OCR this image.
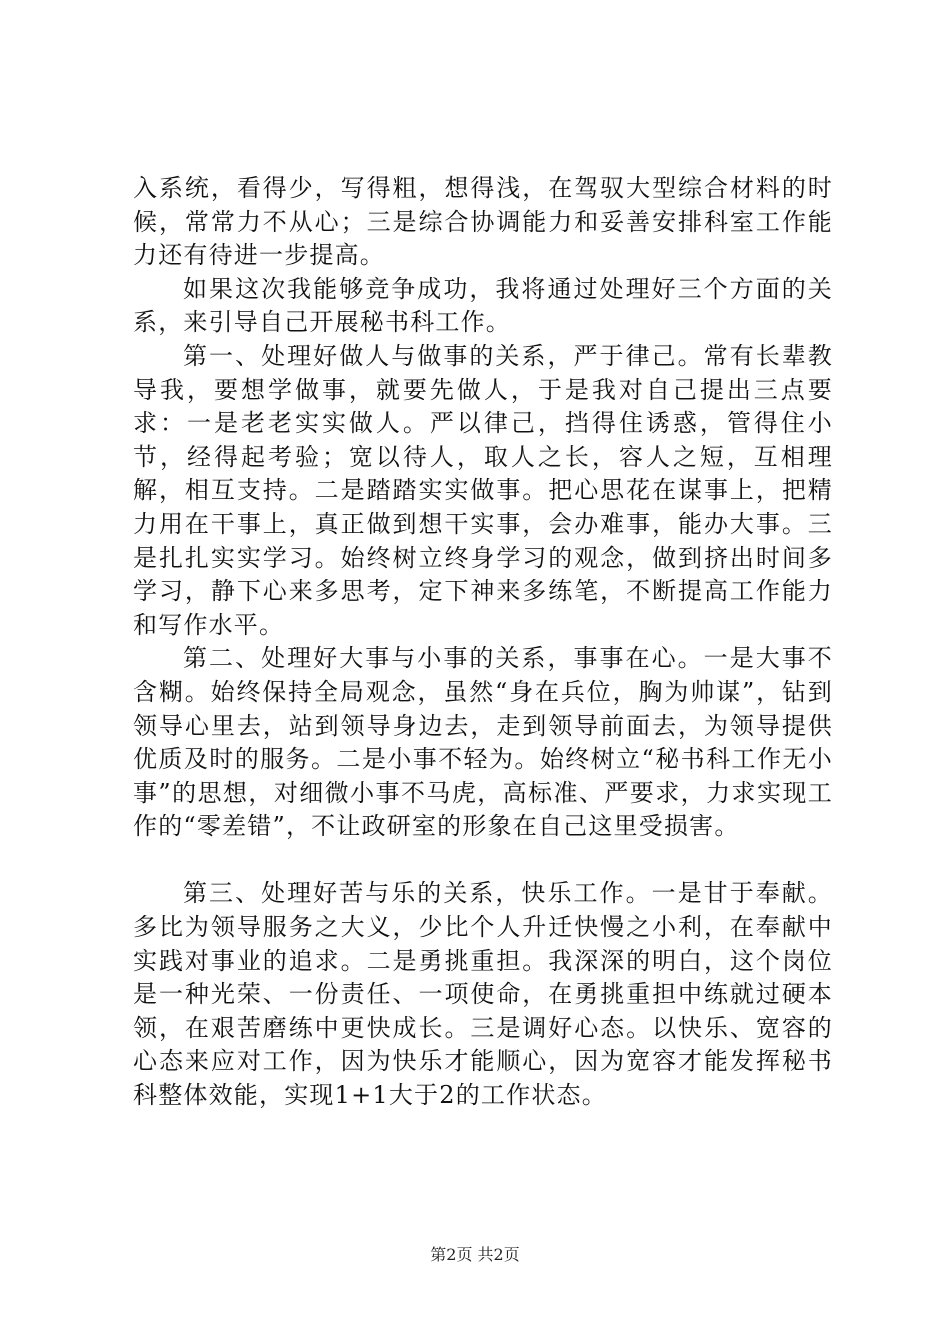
入系统，看得少，写得粗，想得浅，在驾驭大型综合材料的时候，常常力不从心；三是综合协调能力和妥善安排科室工作能力还有待进一步提高。

如果这次我能够竞争成功，我将通过处理好三个方面的关系，来引导自己开展秘书科工作。

第一、处理好做人与做事的关系，严于律己。常有长辈教导我，要想学做事，就要先做人，于是我对自己提出三点要求：一是老老实实做人。严以律己，挡得住诱惑，管得住小节，经得起考验；宽以待人，取人之长，容人之短，互相理解，相互支持。二是踏踏实实做事。把心思花在谋事上，把精力用在干事上，真正做到想干实事，会办难事，能办大事。三是扎扎实实学习。始终树立终身学习的观念，做到挤出时间多学习，静下心来多思考，定下神来多练笔，不断提高工作能力和写作水平。

第二、处理好大事与小事的关系，事事在心。一是大事不含糊。始终保持全局观念，虽然“身在兵位，胸为帅谋”，钻到领导心里去，站到领导身边去，走到领导前面去，为领导提供优质及时的服务。二是小事不轻为。始终树立“秘书科工作无小事”的思想，对细微小事不马虎，高标准、严要求，力求实现工作的“零差错”，不让政研室的形象在自己这里受损害。

第三、处理好苦与乐的关系，快乐工作。一是甘于奉献。多比为领导服务之大义，少比个人升迁快慢之小利，在奉献中实践对事业的追求。二是勇挑重担。我深深的明白，这个岗位是一种光荣、一份责任、一项使命，在勇挑重担中练就过硬本领，在艰苦磨练中更快成长。三是调好心态。以快乐、宽容的心态来应对工作，因为快乐才能顺心，因为宽容才能发挥秘书科整体效能，实现1+1大于2的工作状态。

第2页 共2页
